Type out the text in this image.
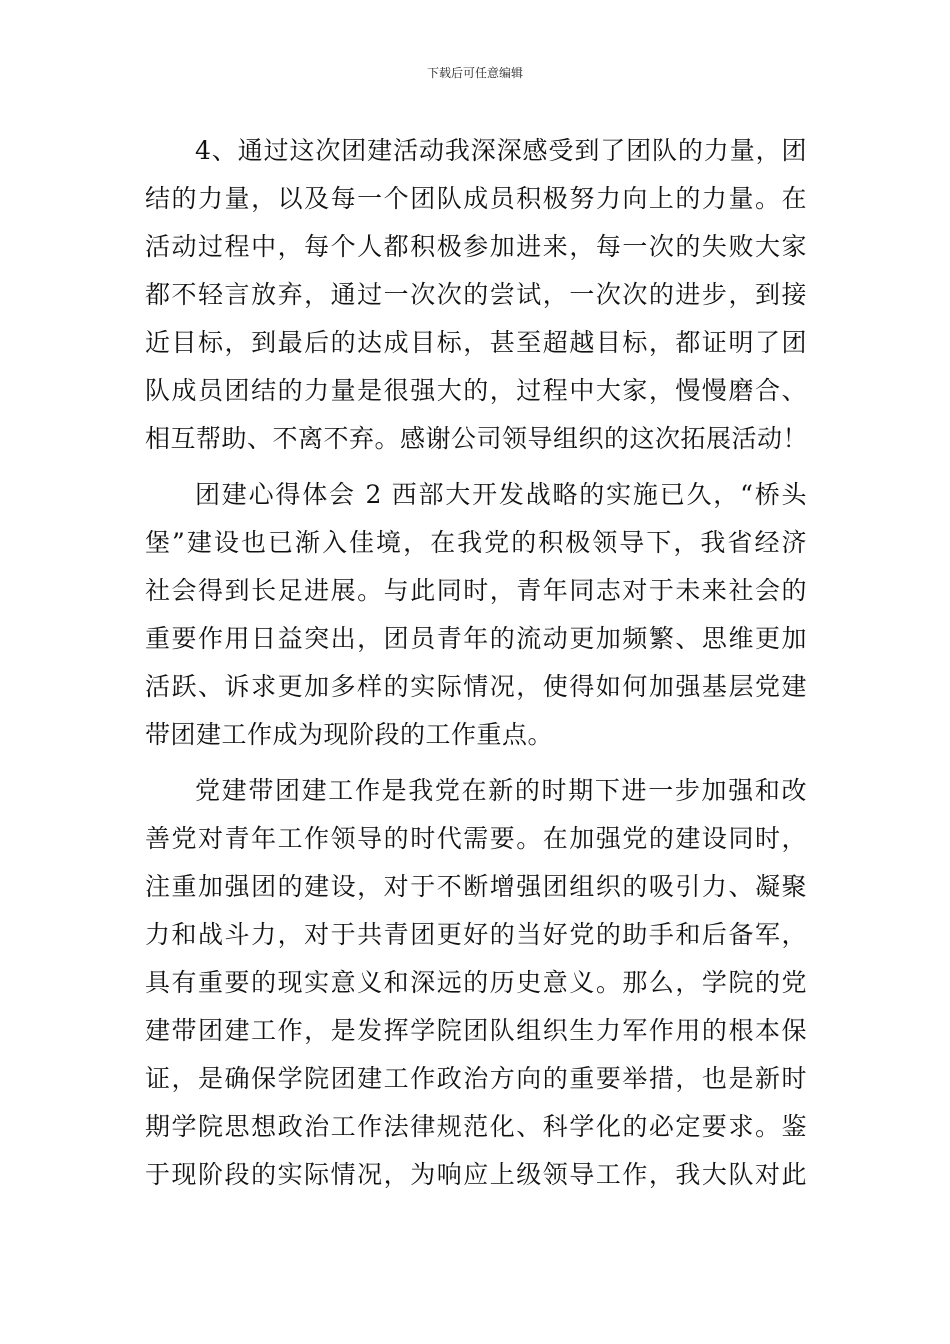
下载后可任意编辑
4、通过这次团建活动我深深感受到了团队的力量，团
结的力量，以及每一个团队成员积极努力向上的力量。在
活动过程中，每个人都积极参加进来，每一次的失败大家
都不轻言放弃，通过一次次的尝试，一次次的进步，到接
近目标，到最后的达成目标，甚至超越目标，都证明了团
队成员团结的力量是很强大的，过程中大家，慢慢磨合、
相互帮助、不离不弃。感谢公司领导组织的这次拓展活动！
团建心得体会 2 西部大开发战略的实施已久，“桥头
堡”建设也已渐入佳境，在我党的积极领导下，我省经济
社会得到长足进展。与此同时，青年同志对于未来社会的
重要作用日益突出，团员青年的流动更加频繁、思维更加
活跃、诉求更加多样的实际情况，使得如何加强基层党建
带团建工作成为现阶段的工作重点。
党建带团建工作是我党在新的时期下进一步加强和改
善党对青年工作领导的时代需要。在加强党的建设同时，
注重加强团的建设，对于不断增强团组织的吸引力、凝聚
力和战斗力，对于共青团更好的当好党的助手和后备军，
具有重要的现实意义和深远的历史意义。那么，学院的党
建带团建工作，是发挥学院团队组织生力军作用的根本保
证，是确保学院团建工作政治方向的重要举措，也是新时
期学院思想政治工作法律规范化、科学化的必定要求。鉴
于现阶段的实际情况，为响应上级领导工作，我大队对此
